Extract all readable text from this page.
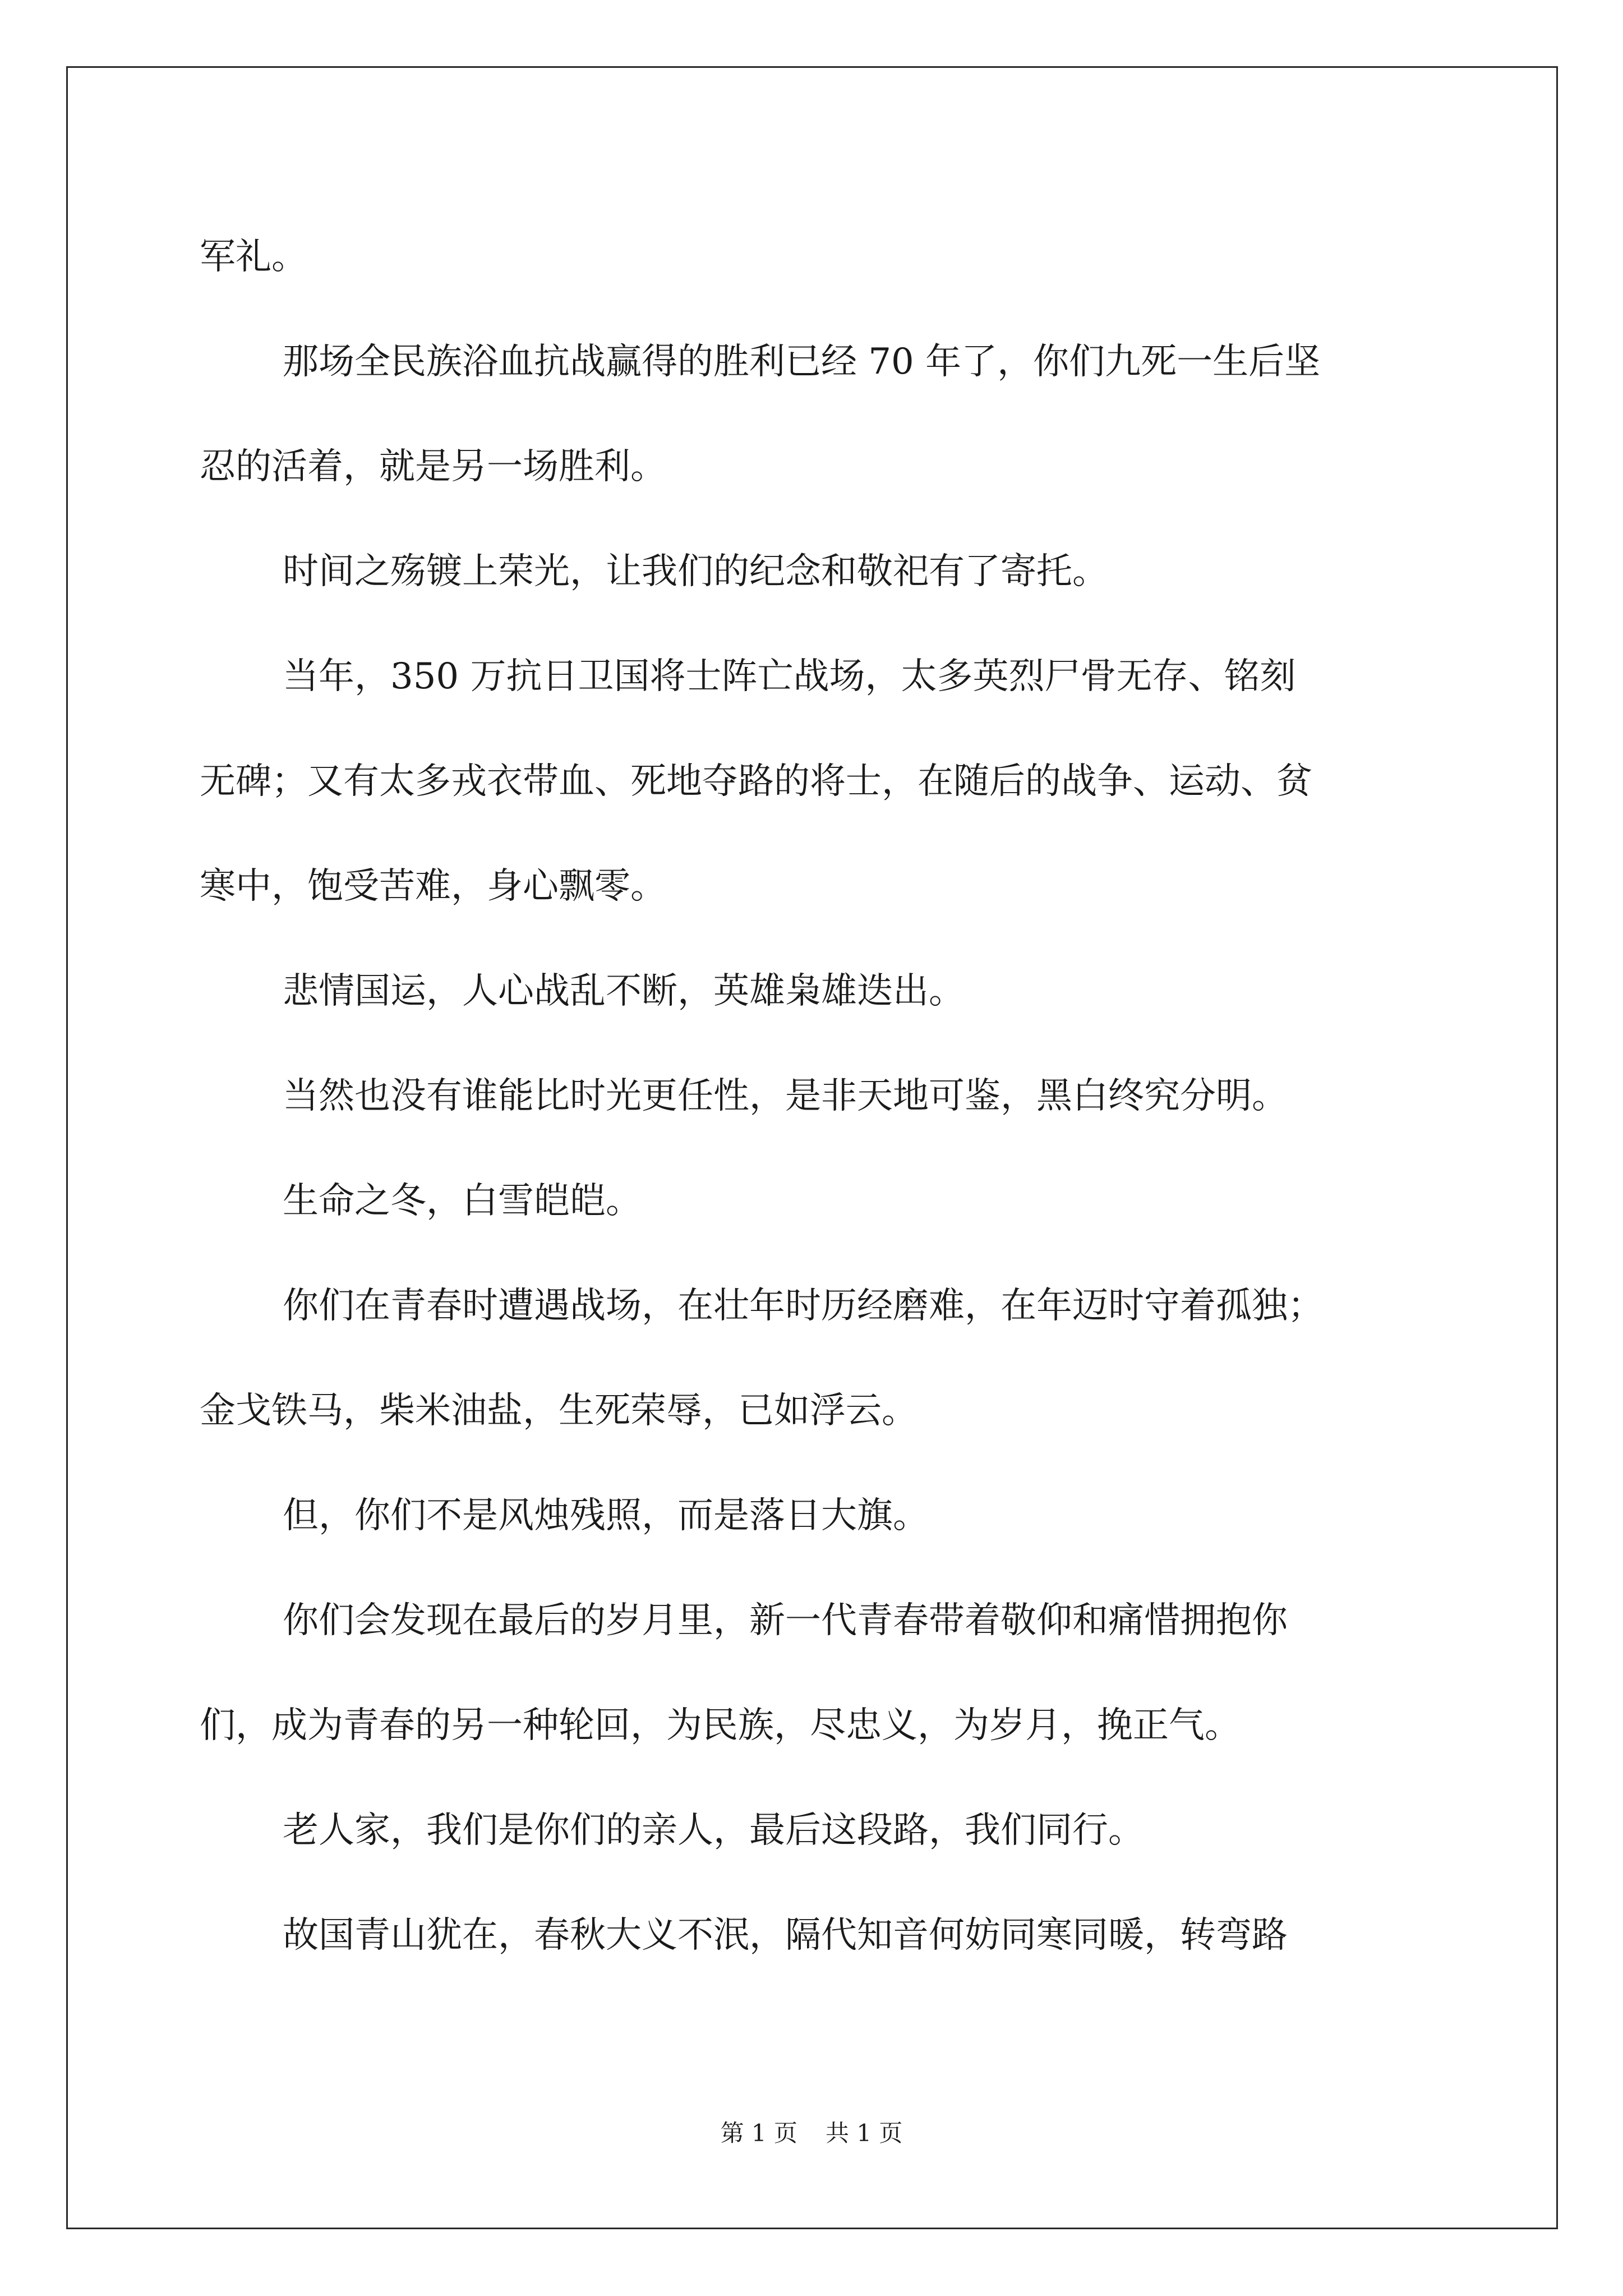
军礼。
那场全民族浴血抗战赢得的胜利已经 70 年了，你们九死一生后坚
忍的活着，就是另一场胜利。
时间之殇镀上荣光，让我们的纪念和敬祀有了寄托。
当年，350 万抗日卫国将士阵亡战场，太多英烈尸骨无存、铭刻
无碑；又有太多戎衣带血、死地夺路的将士，在随后的战争、运动、贫
寒中，饱受苦难，身心飘零。
悲情国运，人心战乱不断，英雄枭雄迭出。
当然也没有谁能比时光更任性，是非天地可鉴，黑白终究分明。
生命之冬，白雪皑皑。
你们在青春时遭遇战场，在壮年时历经磨难，在年迈时守着孤独；
金戈铁马，柴米油盐，生死荣辱，已如浮云。
但，你们不是风烛残照，而是落日大旗。
你们会发现在最后的岁月里，新一代青春带着敬仰和痛惜拥抱你
们，成为青春的另一种轮回，为民族，尽忠义，为岁月，挽正气。
老人家，我们是你们的亲人，最后这段路，我们同行。
故国青山犹在，春秋大义不泯，隔代知音何妨同寒同暖，转弯路
第 1 页 共 1 页
